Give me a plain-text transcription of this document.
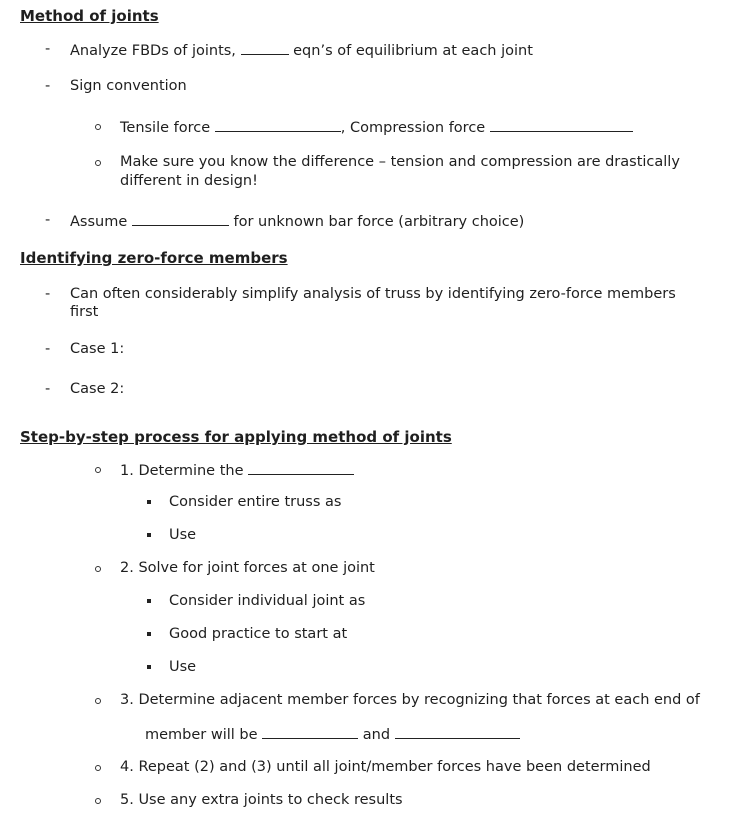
Method of joints
- Analyze FBDs of joints,	eqn’s of equilibrium at each joint
- Sign convention
Tensile force	, Compression force
Make sure you know the difference – tension and compression are drastically
different in design!
- Assume	for unknown bar force (arbitrary choice)
Identifying zero-force members
- Can often considerably simplify analysis of truss by identifying zero-force members
first
- Case 1:
- Case 2:
Step-by-step process for applying method of joints
1. Determine the
Consider entire truss as
Use
2. Solve for joint forces at one joint
Consider individual joint as
Good practice to start at
Use
3. Determine adjacent member forces by recognizing that forces at each end of
member will be	and
4. Repeat (2) and (3) until all joint/member forces have been determined
5. Use any extra joints to check results
